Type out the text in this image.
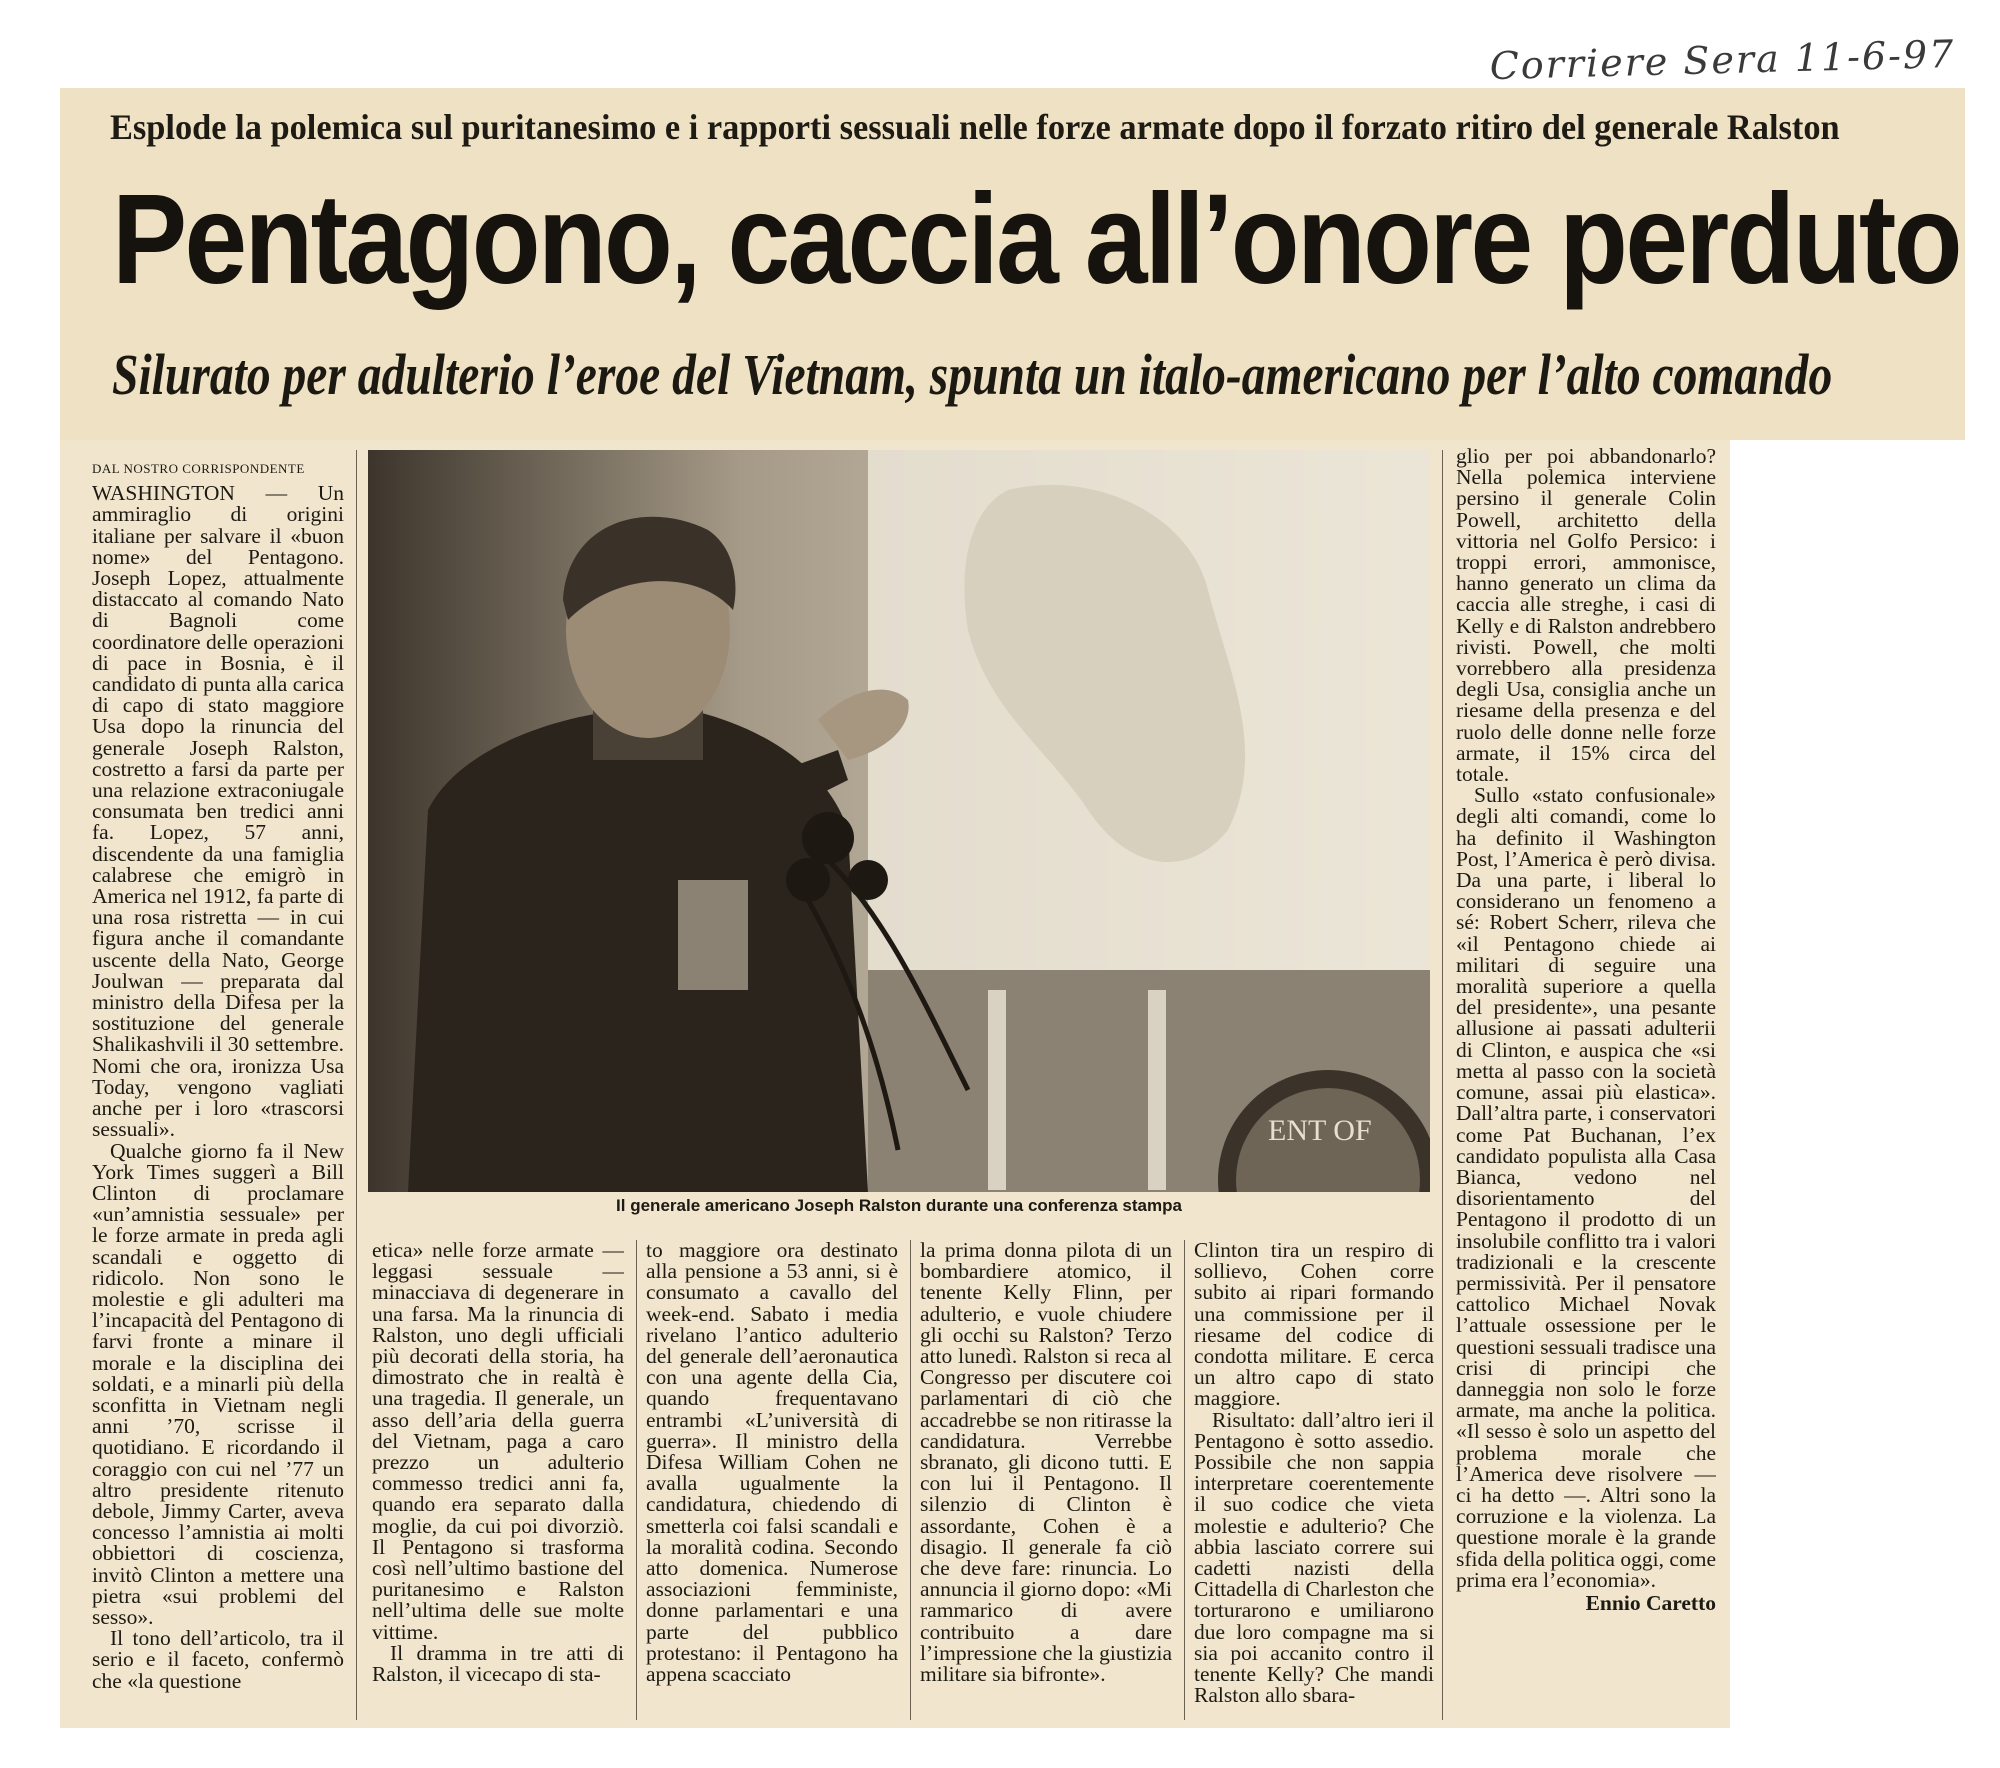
Corriere Sera 11-6-97
Esplode la polemica sul puritanesimo e i rapporti sessuali nelle forze armate dopo il forzato ritiro del generale Ralston
Pentagono, caccia all’onore perduto
Silurato per adulterio l’eroe del Vietnam, spunta un italo-americano per l’alto comando
DAL NOSTRO CORRISPONDENTE

WASHINGTON — Un ammiraglio di origini italiane per salvare il «buon nome» del Pentagono. Joseph Lopez, attualmente distaccato al comando Nato di Bagnoli come coordinatore delle operazioni di pace in Bosnia, è il candidato di punta alla carica di capo di stato maggiore Usa dopo la rinuncia del generale Joseph Ralston, costretto a farsi da parte per una relazione extraconiugale consumata ben tredici anni fa. Lopez, 57 anni, discendente da una famiglia calabrese che emigrò in America nel 1912, fa parte di una rosa ristretta — in cui figura anche il comandante uscente della Nato, George Joulwan — preparata dal ministro della Difesa per la sostituzione del generale Shalikashvili il 30 settembre. Nomi che ora, ironizza Usa Today, vengono vagliati anche per i loro «trascorsi sessuali».

Qualche giorno fa il New York Times suggerì a Bill Clinton di proclamare «un’amnistia sessuale» per le forze armate in preda agli scandali e oggetto di ridicolo. Non sono le molestie e gli adulteri ma l’incapacità del Pentagono di farvi fronte a minare il morale e la disciplina dei soldati, e a minarli più della sconfitta in Vietnam negli anni ’70, scrisse il quotidiano. E ricordando il coraggio con cui nel ’77 un altro presidente ritenuto debole, Jimmy Carter, aveva concesso l’amnistia ai molti obbiettori di coscienza, invitò Clinton a mettere una pietra «sui problemi del sesso».

Il tono dell’articolo, tra il serio e il faceto, confermò che «la questione

ENT OF
Il generale americano Joseph Ralston durante una conferenza stampa

etica» nelle forze armate — leggasi sessuale — minacciava di degenerare in una farsa. Ma la rinuncia di Ralston, uno degli ufficiali più decorati della storia, ha dimostrato che in realtà è una tragedia. Il generale, un asso dell’aria della guerra del Vietnam, paga a caro prezzo un adulterio commesso tredici anni fa, quando era separato dalla moglie, da cui poi divorziò. Il Pentagono si trasforma così nell’ultimo bastione del puritanesimo e Ralston nell’ultima delle sue molte vittime.

Il dramma in tre atti di Ralston, il vicecapo di sta-

to maggiore ora destinato alla pensione a 53 anni, si è consumato a cavallo del week-end. Sabato i media rivelano l’antico adulterio del generale dell’aeronautica con una agente della Cia, quando frequentavano entrambi «L’università di guerra». Il ministro della Difesa William Cohen ne avalla ugualmente la candidatura, chiedendo di smetterla coi falsi scandali e la moralità codina. Secondo atto domenica. Numerose associazioni femministe, donne parlamentari e una parte del pubblico protestano: il Pentagono ha appena scacciato

la prima donna pilota di un bombardiere atomico, il tenente Kelly Flinn, per adulterio, e vuole chiudere gli occhi su Ralston? Terzo atto lunedì. Ralston si reca al Congresso per discutere coi parlamentari di ciò che accadrebbe se non ritirasse la candidatura. Verrebbe sbranato, gli dicono tutti. E con lui il Pentagono. Il silenzio di Clinton è assordante, Cohen è a disagio. Il generale fa ciò che deve fare: rinuncia. Lo annuncia il giorno dopo: «Mi rammarico di avere contribuito a dare l’impressione che la giustizia militare sia bifronte».

Clinton tira un respiro di sollievo, Cohen corre subito ai ripari formando una commissione per il riesame del codice di condotta militare. E cerca un altro capo di stato maggiore.

Risultato: dall’altro ieri il Pentagono è sotto assedio. Possibile che non sappia interpretare coerentemente il suo codice che vieta molestie e adulterio? Che abbia lasciato correre sui cadetti nazisti della Cittadella di Charleston che torturarono e umiliarono due loro compagne ma si sia poi accanito contro il tenente Kelly? Che mandi Ralston allo sbara-

glio per poi abbandonarlo? Nella polemica interviene persino il generale Colin Powell, architetto della vittoria nel Golfo Persico: i troppi errori, ammonisce, hanno generato un clima da caccia alle streghe, i casi di Kelly e di Ralston andrebbero rivisti. Powell, che molti vorrebbero alla presidenza degli Usa, consiglia anche un riesame della presenza e del ruolo delle donne nelle forze armate, il 15% circa del totale.

Sullo «stato confusionale» degli alti comandi, come lo ha definito il Washington Post, l’America è però divisa. Da una parte, i liberal lo considerano un fenomeno a sé: Robert Scherr, rileva che «il Pentagono chiede ai militari di seguire una moralità superiore a quella del presidente», una pesante allusione ai passati adulterii di Clinton, e auspica che «si metta al passo con la società comune, assai più elastica». Dall’altra parte, i conservatori come Pat Buchanan, l’ex candidato populista alla Casa Bianca, vedono nel disorientamento del Pentagono il prodotto di un insolubile conflitto tra i valori tradizionali e la crescente permissività. Per il pensatore cattolico Michael Novak l’attuale ossessione per le questioni sessuali tradisce una crisi di principi che danneggia non solo le forze armate, ma anche la politica. «Il sesso è solo un aspetto del problema morale che l’America deve risolvere — ci ha detto —. Altri sono la corruzione e la violenza. La questione morale è la grande sfida della politica oggi, come prima era l’economia».

Ennio Caretto
